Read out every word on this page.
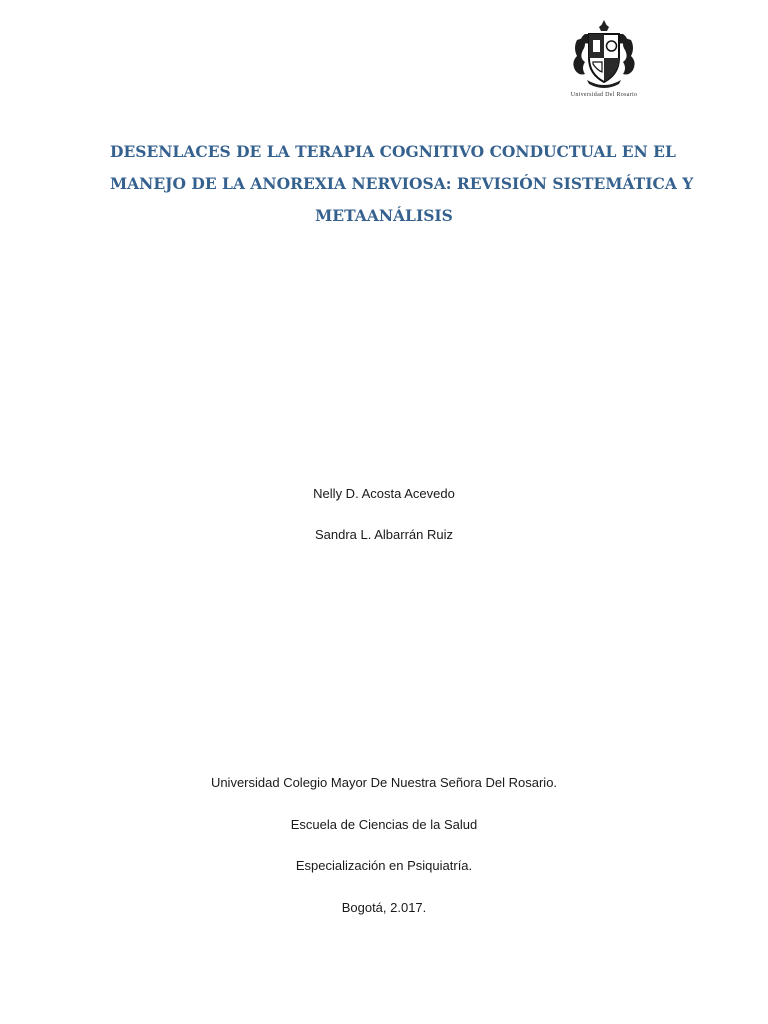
Universidad Del Rosario
DESENLACES DE LA TERAPIA COGNITIVO CONDUCTUAL EN EL
MANEJO DE LA ANOREXIA NERVIOSA: REVISIÓN SISTEMÁTICA Y
METAANÁLISIS

Nelly D. Acosta Acevedo

Sandra L. Albarrán Ruiz

Universidad Colegio Mayor De Nuestra Señora Del Rosario.

Escuela de Ciencias de la Salud

Especialización en Psiquiatría.

Bogotá, 2.017.
